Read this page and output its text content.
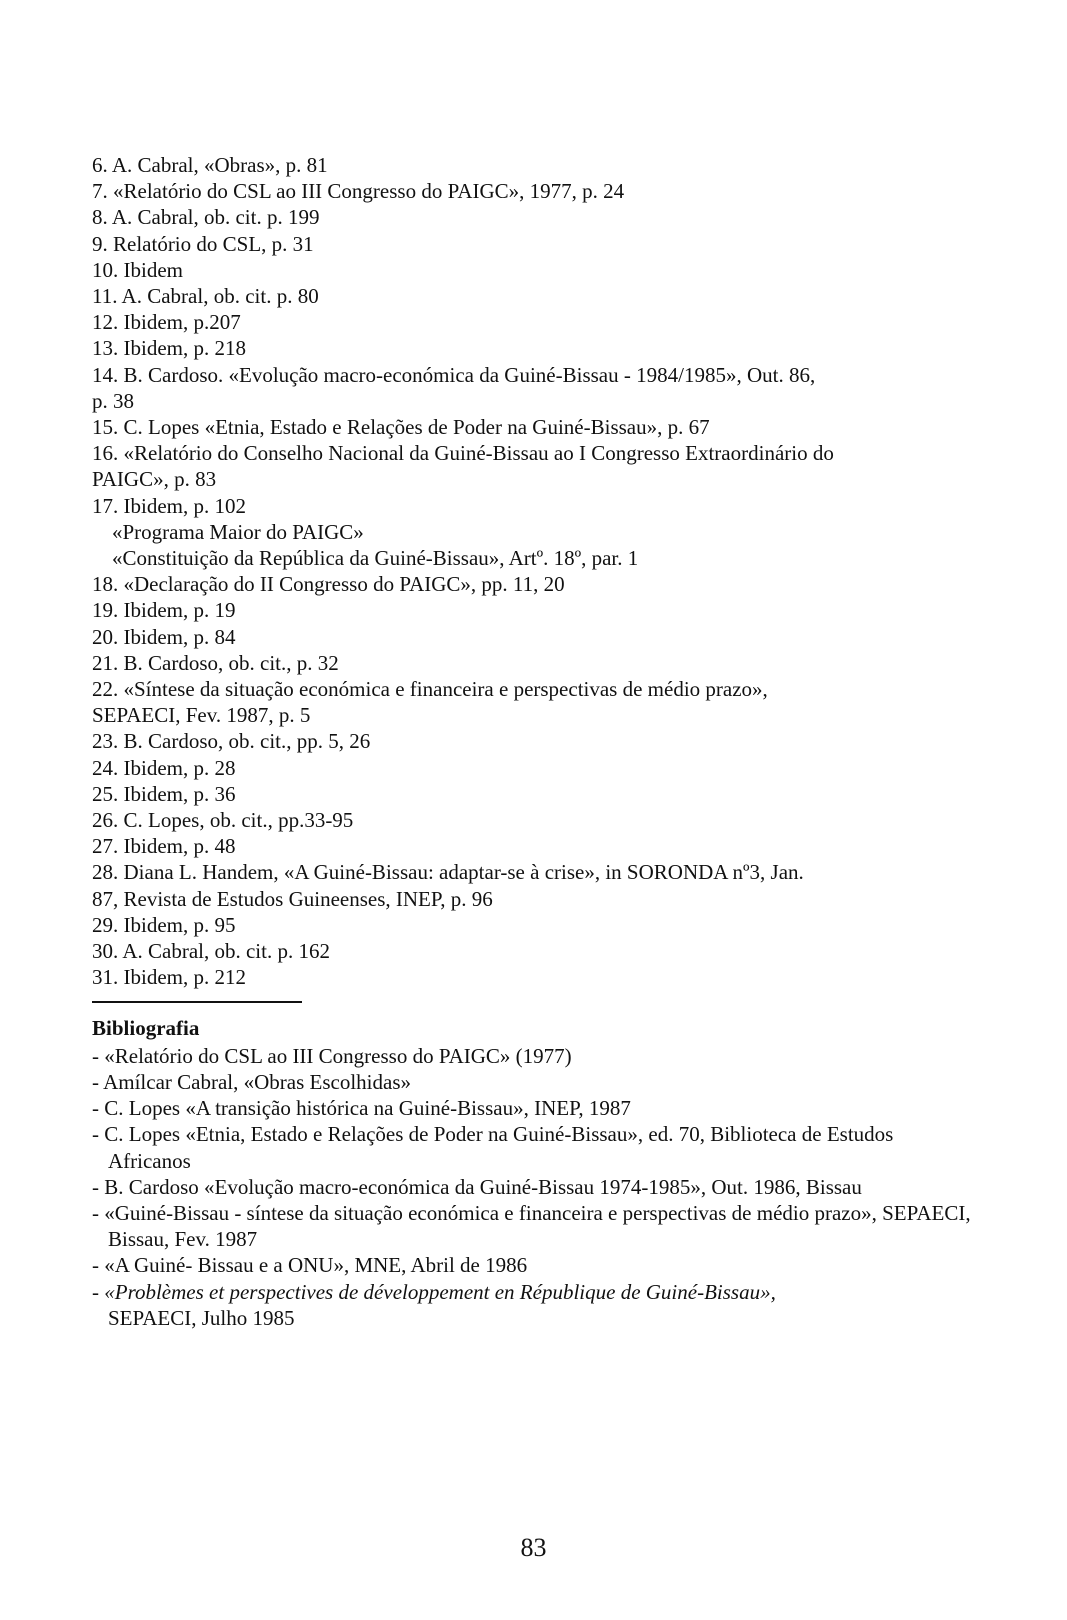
6. A. Cabral, «Obras», p. 81

7. «Relatório do CSL ao III Congresso do PAIGC», 1977, p. 24

8. A. Cabral, ob. cit. p. 199

9. Relatório do CSL, p. 31

10. Ibidem

11. A. Cabral, ob. cit. p. 80

12. Ibidem, p.207

13. Ibidem, p. 218

14. B. Cardoso. «Evolução macro-económica da Guiné-Bissau - 1984/1985», Out. 86,

p. 38

15. C. Lopes «Etnia, Estado e Relações de Poder na Guiné-Bissau», p. 67

16. «Relatório do Conselho Nacional da Guiné-Bissau ao I Congresso Extraordinário do

PAIGC», p. 83

17. Ibidem, p. 102

«Programa Maior do PAIGC»

«Constituição da República da Guiné-Bissau», Artº. 18º, par. 1

18. «Declaração do II Congresso do PAIGC», pp. 11, 20

19. Ibidem, p. 19

20. Ibidem, p. 84

21. B. Cardoso, ob. cit., p. 32

22. «Síntese da situação económica e financeira e perspectivas de médio prazo»,

SEPAECI, Fev. 1987, p. 5

23. B. Cardoso, ob. cit., pp. 5, 26

24. Ibidem, p. 28

25. Ibidem, p. 36

26. C. Lopes, ob. cit., pp.33-95

27. Ibidem, p. 48

28. Diana L. Handem, «A Guiné-Bissau: adaptar-se à crise», in SORONDA nº3, Jan.

87, Revista de Estudos Guineenses, INEP, p. 96

29. Ibidem, p. 95

30. A. Cabral, ob. cit. p. 162

31. Ibidem, p. 212

Bibliografia

- «Relatório do CSL ao III Congresso do PAIGC» (1977)

- Amílcar Cabral, «Obras Escolhidas»

- C. Lopes «A transição histórica na Guiné-Bissau», INEP, 1987

- C. Lopes «Etnia, Estado e Relações de Poder na Guiné-Bissau», ed. 70, Biblioteca de Estudos Africanos

- B. Cardoso «Evolução macro-económica da Guiné-Bissau 1974-1985», Out. 1986, Bissau

- «Guiné-Bissau - síntese da situação económica e financeira e perspectivas de médio prazo», SEPAECI, Bissau, Fev. 1987

- «A Guiné- Bissau e a ONU», MNE, Abril de 1986

- «Problèmes et perspectives de développement en République de Guiné-Bissau»,
SEPAECI, Julho 1985

83
